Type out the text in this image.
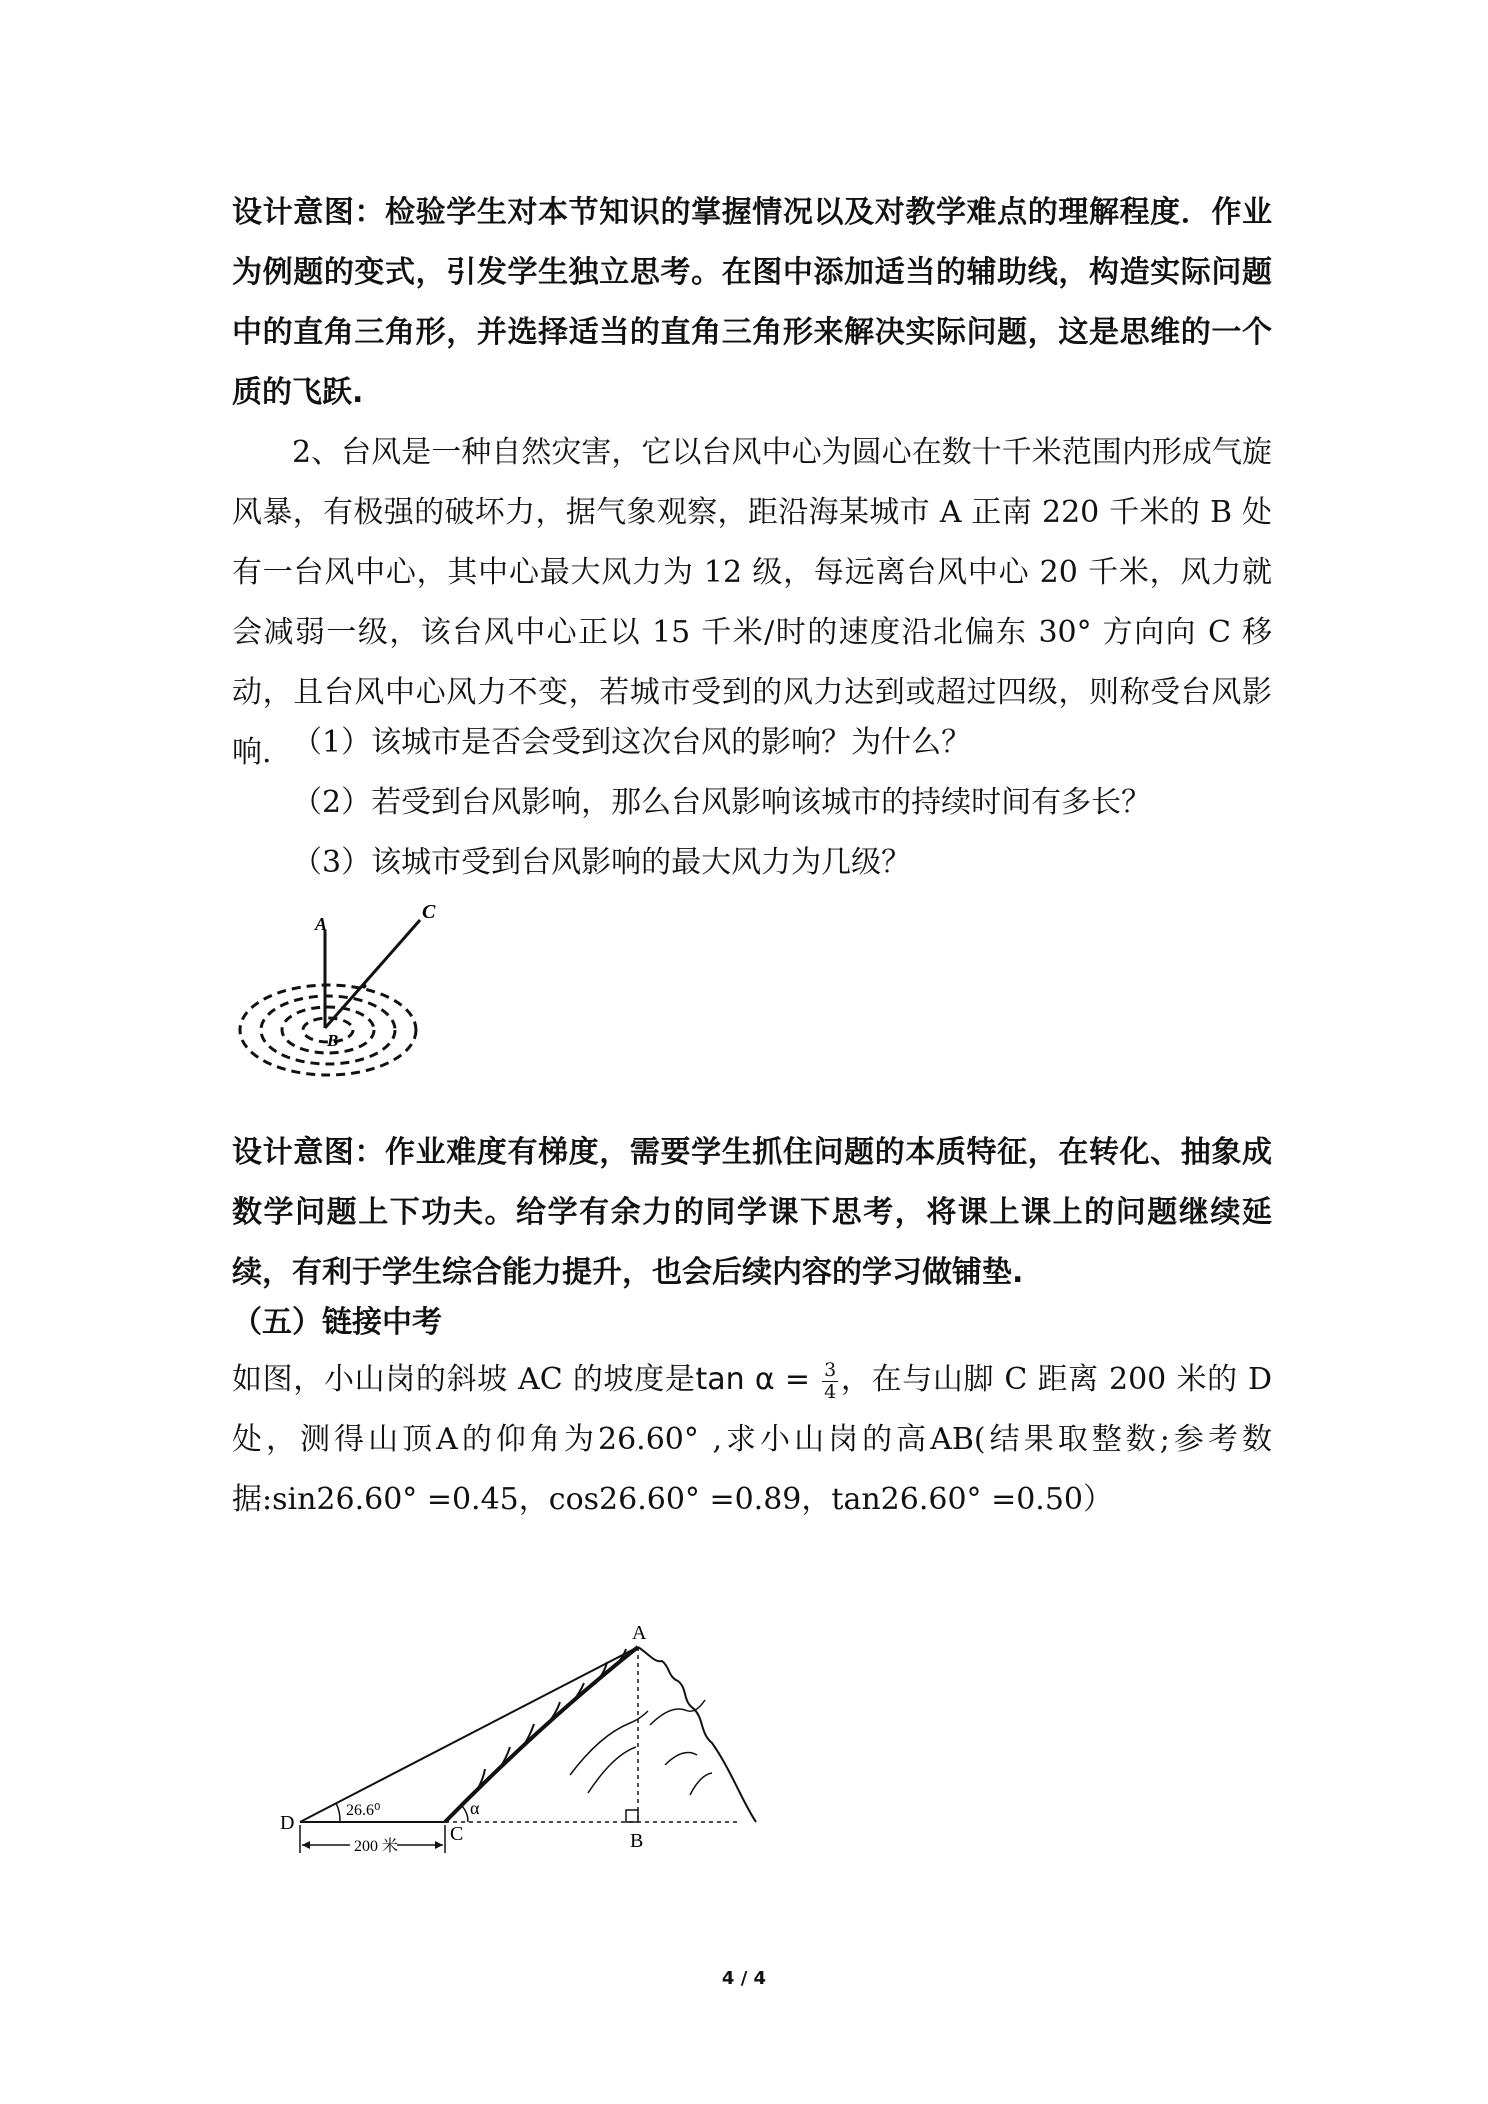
设计意图：检验学生对本节知识的掌握情况以及对教学难点的理解程度．作业为例题的变式，引发学生独立思考。在图中添加适当的辅助线，构造实际问题中的直角三角形，并选择适当的直角三角形来解决实际问题，这是思维的一个质的飞跃.
2、台风是一种自然灾害，它以台风中心为圆心在数十千米范围内形成气旋风暴，有极强的破坏力，据气象观察，距沿海某城市 A 正南 220 千米的 B 处有一台风中心，其中心最大风力为 12 级，每远离台风中心 20 千米，风力就会减弱一级，该台风中心正以 15 千米/时的速度沿北偏东 30° 方向向 C 移动，且台风中心风力不变，若城市受到的风力达到或超过四级，则称受台风影响. （1）该城市是否会受到这次台风的影响？为什么？
（2）若受到台风影响，那么台风影响该城市的持续时间有多长？
（3）该城市受到台风影响的最大风力为几级？
A
C
B
设计意图：作业难度有梯度，需要学生抓住问题的本质特征，在转化、抽象成数学问题上下功夫。给学有余力的同学课下思考，将课上课上的问题继续延续，有利于学生综合能力提升，也会后续内容的学习做铺垫.
（五）链接中考
如图，小山岗的斜坡 AC 的坡度是$\tan \alpha = \frac{3}{4}$ ，在与山脚 C 距离 200 米的 D 处，测得山顶A的仰角为26.60° ,求小山岗的高AB(结果取整数;参考数据:sin26.60° =0.45，cos26.60° =0.89，tan26.60° =0.50）
200 米
D	C	B
A
26.6⁰	α
4 / 4
